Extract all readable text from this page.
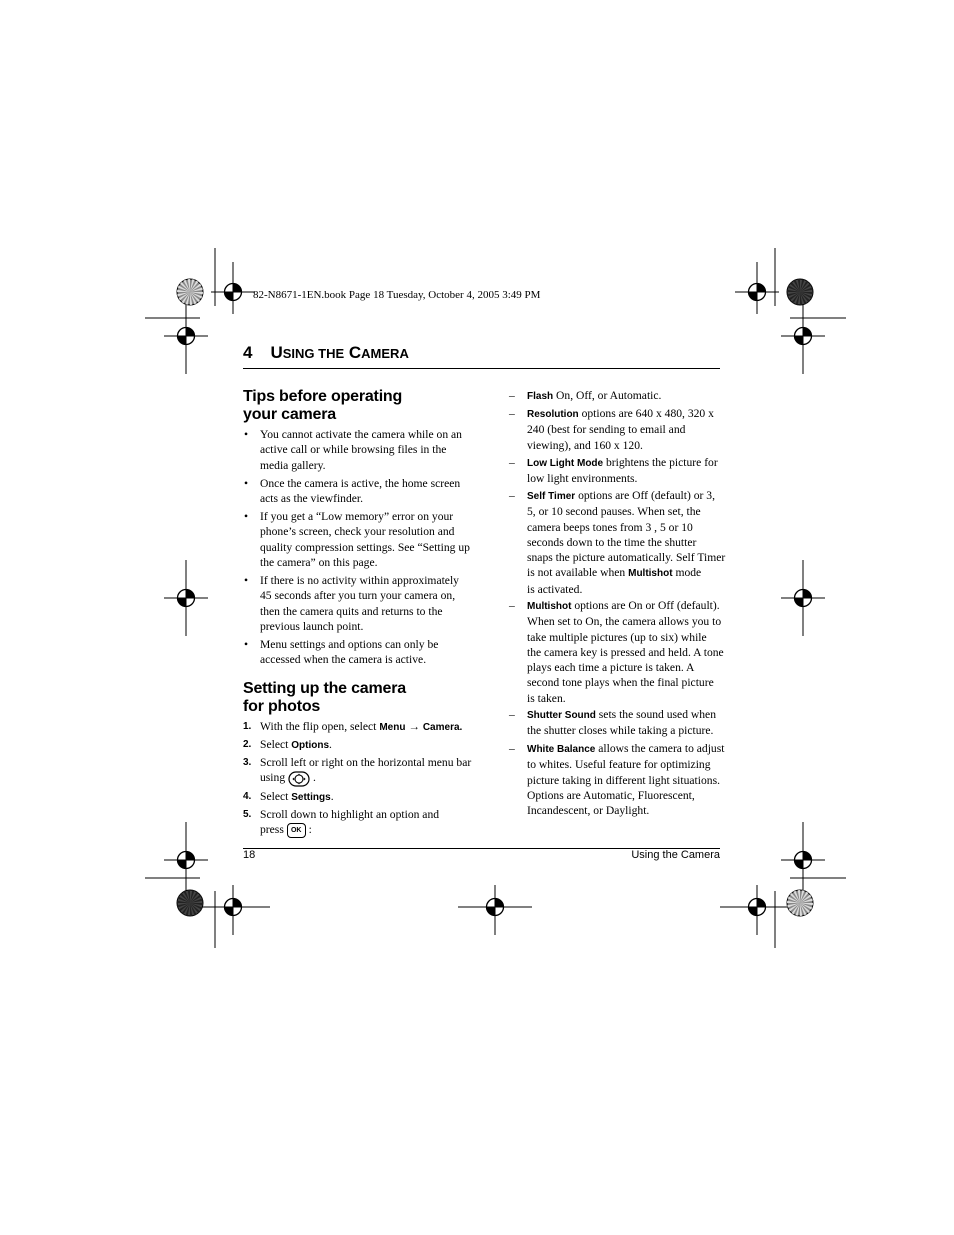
82-N8671-1EN.book Page 18 Tuesday, October 4, 2005 3:49 PM
4 USING THE CAMERA
Tips before operating
your camera
• You cannot activate the camera while on an
active call or while browsing files in the
media gallery.
• Once the camera is active, the home screen
acts as the viewfinder.
• If you get a “Low memory” error on your
phone’s screen, check your resolution and
quality compression settings. See “Setting up
the camera” on this page.
• If there is no activity within approximately
45 seconds after you turn your camera on,
then the camera quits and returns to the
previous launch point.
• Menu settings and options can only be
accessed when the camera is active.
Setting up the camera
for photos
1. With the flip open, select Menu → Camera.
2. Select Options.
3. Scroll left or right on the horizontal menu bar
using .
4. Select Settings.
5. Scroll down to highlight an option and
press	OK :
– Flash On, Off, or Automatic.
– Resolution options are 640 x 480, 320 x
240 (best for sending to email and
viewing), and 160 x 120.
– Low Light Mode brightens the picture for
low light environments.
– Self Timer options are Off (default) or 3,
5, or 10 second pauses. When set, the
camera beeps tones from 3 , 5 or 10
seconds down to the time the shutter
snaps the picture automatically. Self Timer
is not available when Multishot mode
is activated.
– Multishot options are On or Off (default).
When set to On, the camera allows you to
take multiple pictures (up to six) while
the camera key is pressed and held. A tone
plays each time a picture is taken. A
second tone plays when the final picture
is taken.
– Shutter Sound sets the sound used when
the shutter closes while taking a picture.
– White Balance allows the camera to adjust
to whites. Useful feature for optimizing
picture taking in different light situations.
Options are Automatic, Fluorescent,
Incandescent, or Daylight.
18	Using the Camera
